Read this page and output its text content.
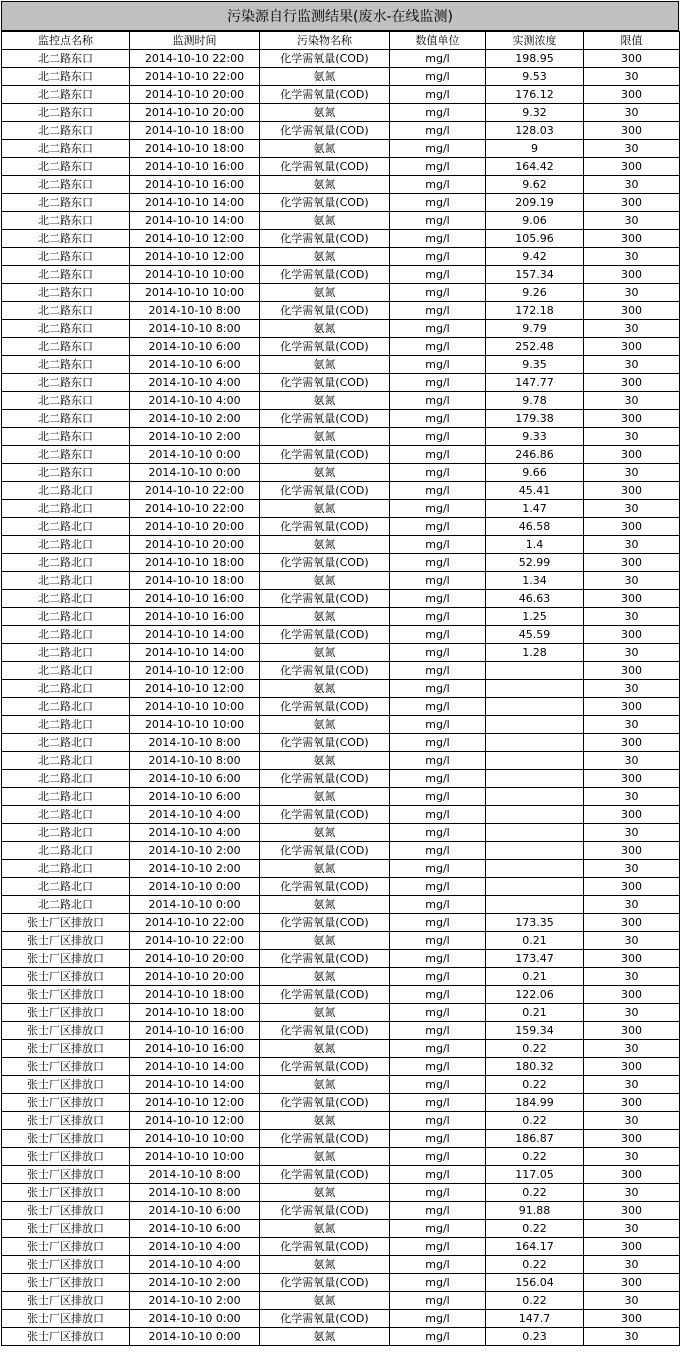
污染源自行监测结果(废水-在线监测)
监控点名称	监测时间	污染物名称	数值单位	实测浓度	限值
北二路东口	2014-10-10 22:00	化学需氧量(COD)	mg/l	198.95	300
北二路东口	2014-10-10 22:00	氨氮	mg/l	9.53	30
北二路东口	2014-10-10 20:00	化学需氧量(COD)	mg/l	176.12	300
北二路东口	2014-10-10 20:00	氨氮	mg/l	9.32	30
北二路东口	2014-10-10 18:00	化学需氧量(COD)	mg/l	128.03	300
北二路东口	2014-10-10 18:00	氨氮	mg/l	9	30
北二路东口	2014-10-10 16:00	化学需氧量(COD)	mg/l	164.42	300
北二路东口	2014-10-10 16:00	氨氮	mg/l	9.62	30
北二路东口	2014-10-10 14:00	化学需氧量(COD)	mg/l	209.19	300
北二路东口	2014-10-10 14:00	氨氮	mg/l	9.06	30
北二路东口	2014-10-10 12:00	化学需氧量(COD)	mg/l	105.96	300
北二路东口	2014-10-10 12:00	氨氮	mg/l	9.42	30
北二路东口	2014-10-10 10:00	化学需氧量(COD)	mg/l	157.34	300
北二路东口	2014-10-10 10:00	氨氮	mg/l	9.26	30
北二路东口	2014-10-10 8:00	化学需氧量(COD)	mg/l	172.18	300
北二路东口	2014-10-10 8:00	氨氮	mg/l	9.79	30
北二路东口	2014-10-10 6:00	化学需氧量(COD)	mg/l	252.48	300
北二路东口	2014-10-10 6:00	氨氮	mg/l	9.35	30
北二路东口	2014-10-10 4:00	化学需氧量(COD)	mg/l	147.77	300
北二路东口	2014-10-10 4:00	氨氮	mg/l	9.78	30
北二路东口	2014-10-10 2:00	化学需氧量(COD)	mg/l	179.38	300
北二路东口	2014-10-10 2:00	氨氮	mg/l	9.33	30
北二路东口	2014-10-10 0:00	化学需氧量(COD)	mg/l	246.86	300
北二路东口	2014-10-10 0:00	氨氮	mg/l	9.66	30
北二路北口	2014-10-10 22:00	化学需氧量(COD)	mg/l	45.41	300
北二路北口	2014-10-10 22:00	氨氮	mg/l	1.47	30
北二路北口	2014-10-10 20:00	化学需氧量(COD)	mg/l	46.58	300
北二路北口	2014-10-10 20:00	氨氮	mg/l	1.4	30
北二路北口	2014-10-10 18:00	化学需氧量(COD)	mg/l	52.99	300
北二路北口	2014-10-10 18:00	氨氮	mg/l	1.34	30
北二路北口	2014-10-10 16:00	化学需氧量(COD)	mg/l	46.63	300
北二路北口	2014-10-10 16:00	氨氮	mg/l	1.25	30
北二路北口	2014-10-10 14:00	化学需氧量(COD)	mg/l	45.59	300
北二路北口	2014-10-10 14:00	氨氮	mg/l	1.28	30
北二路北口	2014-10-10 12:00	化学需氧量(COD)	mg/l		300
北二路北口	2014-10-10 12:00	氨氮	mg/l		30
北二路北口	2014-10-10 10:00	化学需氧量(COD)	mg/l		300
北二路北口	2014-10-10 10:00	氨氮	mg/l		30
北二路北口	2014-10-10 8:00	化学需氧量(COD)	mg/l		300
北二路北口	2014-10-10 8:00	氨氮	mg/l		30
北二路北口	2014-10-10 6:00	化学需氧量(COD)	mg/l		300
北二路北口	2014-10-10 6:00	氨氮	mg/l		30
北二路北口	2014-10-10 4:00	化学需氧量(COD)	mg/l		300
北二路北口	2014-10-10 4:00	氨氮	mg/l		30
北二路北口	2014-10-10 2:00	化学需氧量(COD)	mg/l		300
北二路北口	2014-10-10 2:00	氨氮	mg/l		30
北二路北口	2014-10-10 0:00	化学需氧量(COD)	mg/l		300
北二路北口	2014-10-10 0:00	氨氮	mg/l		30
张士厂区排放口	2014-10-10 22:00	化学需氧量(COD)	mg/l	173.35	300
张士厂区排放口	2014-10-10 22:00	氨氮	mg/l	0.21	30
张士厂区排放口	2014-10-10 20:00	化学需氧量(COD)	mg/l	173.47	300
张士厂区排放口	2014-10-10 20:00	氨氮	mg/l	0.21	30
张士厂区排放口	2014-10-10 18:00	化学需氧量(COD)	mg/l	122.06	300
张士厂区排放口	2014-10-10 18:00	氨氮	mg/l	0.21	30
张士厂区排放口	2014-10-10 16:00	化学需氧量(COD)	mg/l	159.34	300
张士厂区排放口	2014-10-10 16:00	氨氮	mg/l	0.22	30
张士厂区排放口	2014-10-10 14:00	化学需氧量(COD)	mg/l	180.32	300
张士厂区排放口	2014-10-10 14:00	氨氮	mg/l	0.22	30
张士厂区排放口	2014-10-10 12:00	化学需氧量(COD)	mg/l	184.99	300
张士厂区排放口	2014-10-10 12:00	氨氮	mg/l	0.22	30
张士厂区排放口	2014-10-10 10:00	化学需氧量(COD)	mg/l	186.87	300
张士厂区排放口	2014-10-10 10:00	氨氮	mg/l	0.22	30
张士厂区排放口	2014-10-10 8:00	化学需氧量(COD)	mg/l	117.05	300
张士厂区排放口	2014-10-10 8:00	氨氮	mg/l	0.22	30
张士厂区排放口	2014-10-10 6:00	化学需氧量(COD)	mg/l	91.88	300
张士厂区排放口	2014-10-10 6:00	氨氮	mg/l	0.22	30
张士厂区排放口	2014-10-10 4:00	化学需氧量(COD)	mg/l	164.17	300
张士厂区排放口	2014-10-10 4:00	氨氮	mg/l	0.22	30
张士厂区排放口	2014-10-10 2:00	化学需氧量(COD)	mg/l	156.04	300
张士厂区排放口	2014-10-10 2:00	氨氮	mg/l	0.22	30
张士厂区排放口	2014-10-10 0:00	化学需氧量(COD)	mg/l	147.7	300
张士厂区排放口	2014-10-10 0:00	氨氮	mg/l	0.23	30
